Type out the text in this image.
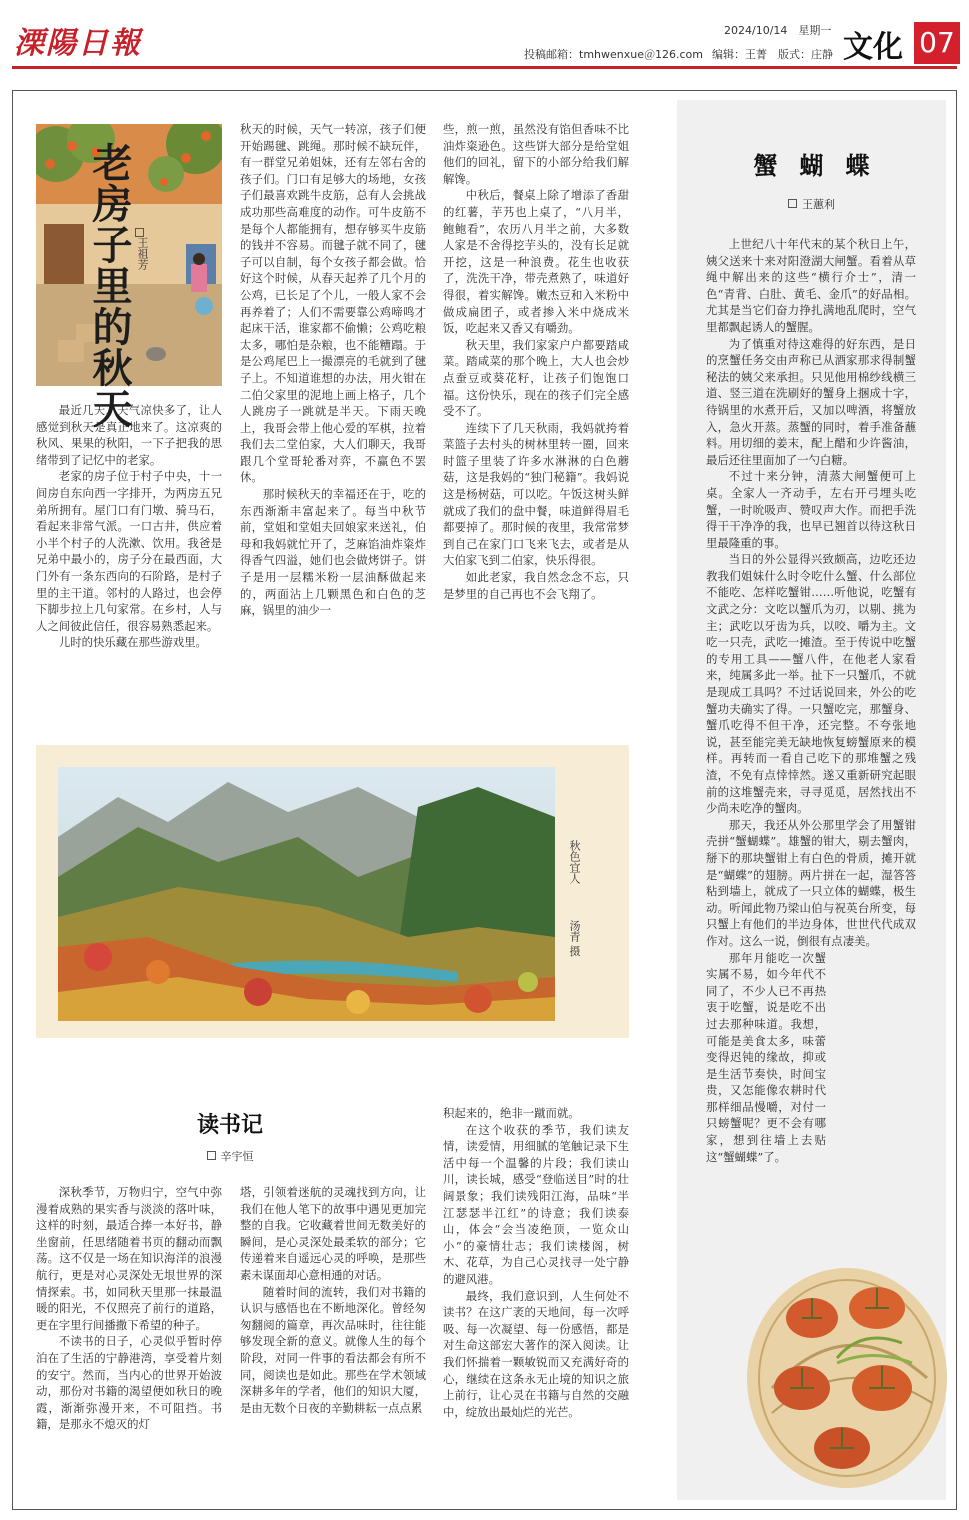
溧陽日報	投稿邮箱：tmhwenxue＠126.com
2024/10/14　星期一
编辑：王菁　版式：庄静 文化 07
老房子里的秋天 王祖芳

最近几天，天气凉快多了，让人感觉到秋天是真正地来了。这凉爽的秋风、果果的秋阳，一下子把我的思绪带到了记忆中的老家。

老家的房子位于村子中央，十一间房自东向西一字排开，为两房五兄弟所拥有。屋门口有门墩、骑马石，看起来非常气派。一口古井，供应着小半个村子的人洗漱、饮用。我爸是兄弟中最小的，房子分在最西面，大门外有一条东西向的石阶路，是村子里的主干道。邻村的人路过，也会停下脚步拉上几句家常。在乡村，人与人之间彼此信任，很容易熟悉起来。

儿时的快乐藏在那些游戏里。

秋天的时候，天气一转凉，孩子们便开始踢毽、跳绳。那时候不缺玩伴，有一群堂兄弟姐妹，还有左邻右舍的孩子们。门口有足够大的场地，女孩子们最喜欢跳牛皮筋，总有人会挑战成功那些高难度的动作。可牛皮筋不是每个人都能拥有，想存够买牛皮筋的钱并不容易。而毽子就不同了，毽子可以自制，每个女孩子都会做。恰好这个时候，从春天起养了几个月的公鸡，已长足了个儿，一般人家不会再养着了；人们不需要靠公鸡啼鸣才起床干活，谁家都不偷懒；公鸡吃粮太多，哪怕是杂粮，也不能糟蹋。于是公鸡尾巴上一撮漂亮的毛就到了毽子上。不知道谁想的办法，用火钳在二伯父家里的泥地上画上格子，几个人跳房子一跳就是半天。下雨天晚上，我哥会带上他心爱的军棋，拉着我们去二堂伯家，大人们聊天，我哥跟几个堂哥轮番对弈，不赢色不罢休。

那时候秋天的幸福还在于，吃的东西渐渐丰富起来了。每当中秋节前，堂姐和堂姐夫回娘家来送礼，伯母和我妈就忙开了，芝麻馅油炸粢炸得香气四溢，她们也会做烤饼子。饼子是用一层糯米粉一层油酥做起来的，两面沾上几颗黑色和白色的芝麻，锅里的油少一

些，煎一煎，虽然没有馅但香味不比油炸粢逊色。这些饼大部分是给堂姐他们的回礼，留下的小部分给我们解解馋。

中秋后，餐桌上除了增添了香甜的红薯，芋艿也上桌了，“八月半，鲍鲍看”，农历八月半之前，大多数人家是不舍得挖芋头的，没有长足就开挖，这是一种浪费。花生也收获了，洗洗干净，带壳煮熟了，味道好得很，着实解馋。嫩杰豆和入米粉中做成扁团子，或者掺入米中烧成米饭，吃起来又香又有嚼劲。

秋天里，我们家家户户都要踏咸菜。踏咸菜的那个晚上，大人也会炒点蚕豆或葵花籽，让孩子们饱饱口福。这份快乐，现在的孩子们完全感受不了。

连续下了几天秋雨，我妈就挎着菜篮子去村头的树林里转一圈，回来时篮子里装了许多水淋淋的白色蘑菇，这是我妈的“独门秘籍”。我妈说这是杨树菇，可以吃。午饭这树头鲜就成了我们的盘中餐，味道鲜得眉毛都要掉了。那时候的夜里，我常常梦到自己在家门口飞来飞去，或者是从大伯家飞到二伯家，快乐得很。

如此老家，我自然念念不忘，只是梦里的自己再也不会飞翔了。

秋色宜人
汤青 摄
读书记
辛宇恒

深秋季节，万物归宁，空气中弥漫着成熟的果实香与淡淡的落叶味，这样的时刻，最适合捧一本好书，静坐窗前，任思绪随着书页的翻动而飘荡。这不仅是一场在知识海洋的浪漫航行，更是对心灵深处无垠世界的深情探索。书，如同秋天里那一抹最温暖的阳光，不仅照亮了前行的道路，更在字里行间播撒下希望的种子。

不读书的日子，心灵似乎暂时停泊在了生活的宁静港湾，享受着片刻的安宁。然而，当内心的世界开始波动，那份对书籍的渴望便如秋日的晚霞，渐渐弥漫开来，不可阻挡。书籍，是那永不熄灭的灯

塔，引领着迷航的灵魂找到方向，让我们在他人笔下的故事中遇见更加完整的自我。它收藏着世间无数美好的瞬间，是心灵深处最柔软的部分；它传递着来自遥远心灵的呼唤，是那些素未谋面却心意相通的对话。

随着时间的流转，我们对书籍的认识与感悟也在不断地深化。曾经匆匆翻阅的篇章，再次品味时，往往能够发现全新的意义。就像人生的每个阶段，对同一件事的看法都会有所不同，阅读也是如此。那些在学术领域深耕多年的学者，他们的知识大厦，是由无数个日夜的辛勤耕耘一点点累

积起来的，绝非一蹴而就。

在这个收获的季节，我们读友情，读爱情，用细腻的笔触记录下生活中每一个温馨的片段；我们读山川，读长城，感受“登临送目”时的壮阔景象；我们读残阳江海，品味“半江瑟瑟半江红”的诗意；我们读泰山，体会“会当凌绝顶，一览众山小”的豪情壮志；我们读楼阁，树木、花草，为自己心灵找寻一处宁静的避风港。

最终，我们意识到，人生何处不读书？在这广袤的天地间，每一次呼吸、每一次凝望、每一份感悟，都是对生命这部宏大著作的深入阅读。让我们怀揣着一颗敏锐而又充满好奇的心，继续在这条永无止境的知识之旅上前行，让心灵在书籍与自然的交融中，绽放出最灿烂的光芒。

蟹蝴蝶
王蕙利

上世纪八十年代末的某个秋日上午，姨父送来十来对阳澄湖大闸蟹。看着从草绳中解出来的这些“横行介士”，清一色“青背、白肚、黄毛、金爪”的好品相。尤其是当它们奋力挣扎满地乱爬时，空气里都飘起诱人的蟹腥。

为了慎重对待这难得的好东西，是日的烹蟹任务交由声称已从酒家那求得制蟹秘法的姨父来承担。只见他用棉纱线横三道、竖三道在洗刷好的蟹身上捆成十字，待锅里的水煮开后，又加以啤酒，将蟹放入，急火开蒸。蒸蟹的同时，着手准备蘸料。用切细的姜末，配上醋和少许酱油，最后还往里面加了一勺白糖。

不过十来分钟，清蒸大闸蟹便可上桌。全家人一齐动手，左右开弓埋头吃蟹，一时吮吸声、赞叹声大作。而把手洗得干干净净的我，也早已翘首以待这秋日里最隆重的事。

当日的外公显得兴致颇高，边吃还边教我们姐妹什么时令吃什么蟹、什么部位不能吃、怎样吃蟹钳……听他说，吃蟹有文武之分：文吃以蟹爪为刃，以剔、挑为主；武吃以牙齿为兵，以咬、嚼为主。文吃一只壳，武吃一摊渣。至于传说中吃蟹的专用工具——蟹八件，在他老人家看来，纯属多此一举。扯下一只蟹爪，不就是现成工具吗？不过话说回来，外公的吃蟹功夫确实了得。一只蟹吃完，那蟹身、蟹爪吃得不但干净，还完整。不夸张地说，甚至能完美无缺地恢复螃蟹原来的模样。再转而一看自己吃下的那堆蟹之残渣，不免有点悻悻然。遂又重新研究起眼前的这堆蟹壳来，寻寻觅觅，居然找出不少尚未吃净的蟹肉。

那天，我还从外公那里学会了用蟹钳壳拼“蟹蝴蝶”。雄蟹的钳大，剔去蟹肉，掰下的那块蟹钳上有白色的骨质，摊开就是“蝴蝶”的翅膀。两片拼在一起，湿答答粘到墙上，就成了一只立体的蝴蝶，极生动。听闻此物乃梁山伯与祝英台所变，每只蟹上有他们的半边身体，世世代代成双作对。这么一说，倒很有点凄美。

那年月能吃一次蟹实属不易，如今年代不同了，不少人已不再热衷于吃蟹，说是吃不出过去那种味道。我想，可能是美食太多，味蕾变得迟钝的缘故，抑或是生活节奏快，时间宝贵，又怎能像农耕时代那样细品慢嚼，对付一只螃蟹呢？更不会有哪家，想到往墙上去贴这“蟹蝴蝶”了。
